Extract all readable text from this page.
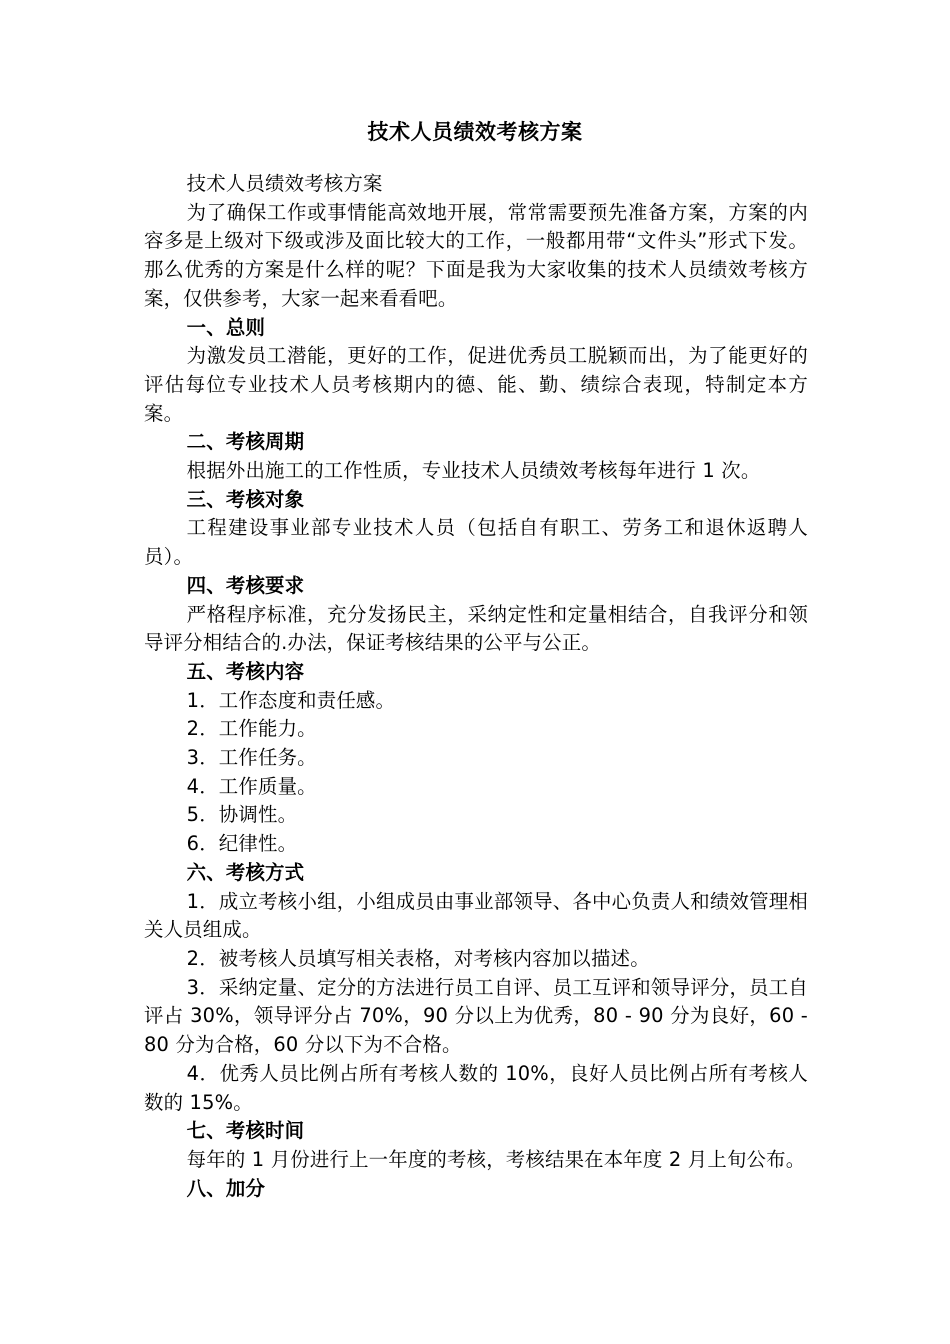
技术人员绩效考核方案

技术人员绩效考核方案

为了确保工作或事情能高效地开展，常常需要预先准备方案，方案的内容多是上级对下级或涉及面比较大的工作，一般都用带“文件头”形式下发。那么优秀的方案是什么样的呢？下面是我为大家收集的技术人员绩效考核方案，仅供参考，大家一起来看看吧。

一、总则

为激发员工潜能，更好的工作，促进优秀员工脱颖而出，为了能更好的评估每位专业技术人员考核期内的德、能、勤、绩综合表现，特制定本方案。

二、考核周期

根据外出施工的工作性质，专业技术人员绩效考核每年进行 1 次。

三、考核对象

工程建设事业部专业技术人员（包括自有职工、劳务工和退休返聘人员）。

四、考核要求

严格程序标准，充分发扬民主，采纳定性和定量相结合，自我评分和领导评分相结合的.办法，保证考核结果的公平与公正。

五、考核内容

1．工作态度和责任感。

2．工作能力。

3．工作任务。

4．工作质量。

5．协调性。

6．纪律性。

六、考核方式

1．成立考核小组，小组成员由事业部领导、各中心负责人和绩效管理相关人员组成。

2．被考核人员填写相关表格，对考核内容加以描述。

3．采纳定量、定分的方法进行员工自评、员工互评和领导评分，员工自评占 30%，领导评分占 70%，90 分以上为优秀，80 - 90 分为良好，60 - 80 分为合格，60 分以下为不合格。

4．优秀人员比例占所有考核人数的 10%，良好人员比例占所有考核人数的 15%。

七、考核时间

每年的 1 月份进行上一年度的考核，考核结果在本年度 2 月上旬公布。

八、加分
